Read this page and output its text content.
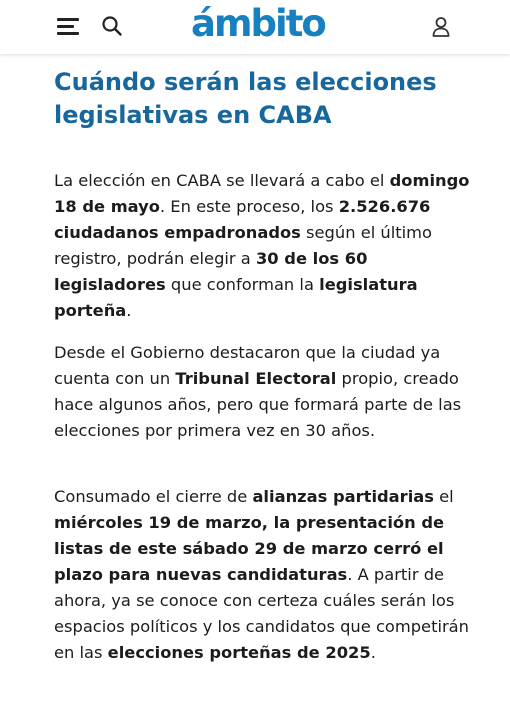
ámbito
Cuándo serán las elecciones legislativas en CABA

La elección en CABA se llevará a cabo el domingo 18 de mayo. En este proceso, los 2.526.676 ciudadanos empadronados según el último registro, podrán elegir a 30 de los 60 legisladores que conforman la legislatura porteña.

Desde el Gobierno destacaron que la ciudad ya cuenta con un Tribunal Electoral propio, creado hace algunos años, pero que formará parte de las elecciones por primera vez en 30 años.

Consumado el cierre de alianzas partidarias el miércoles 19 de marzo, la presentación de listas de este sábado 29 de marzo cerró el plazo para nuevas candidaturas. A partir de ahora, ya se conoce con certeza cuáles serán los espacios políticos y los candidatos que competirán en las elecciones porteñas de 2025.
